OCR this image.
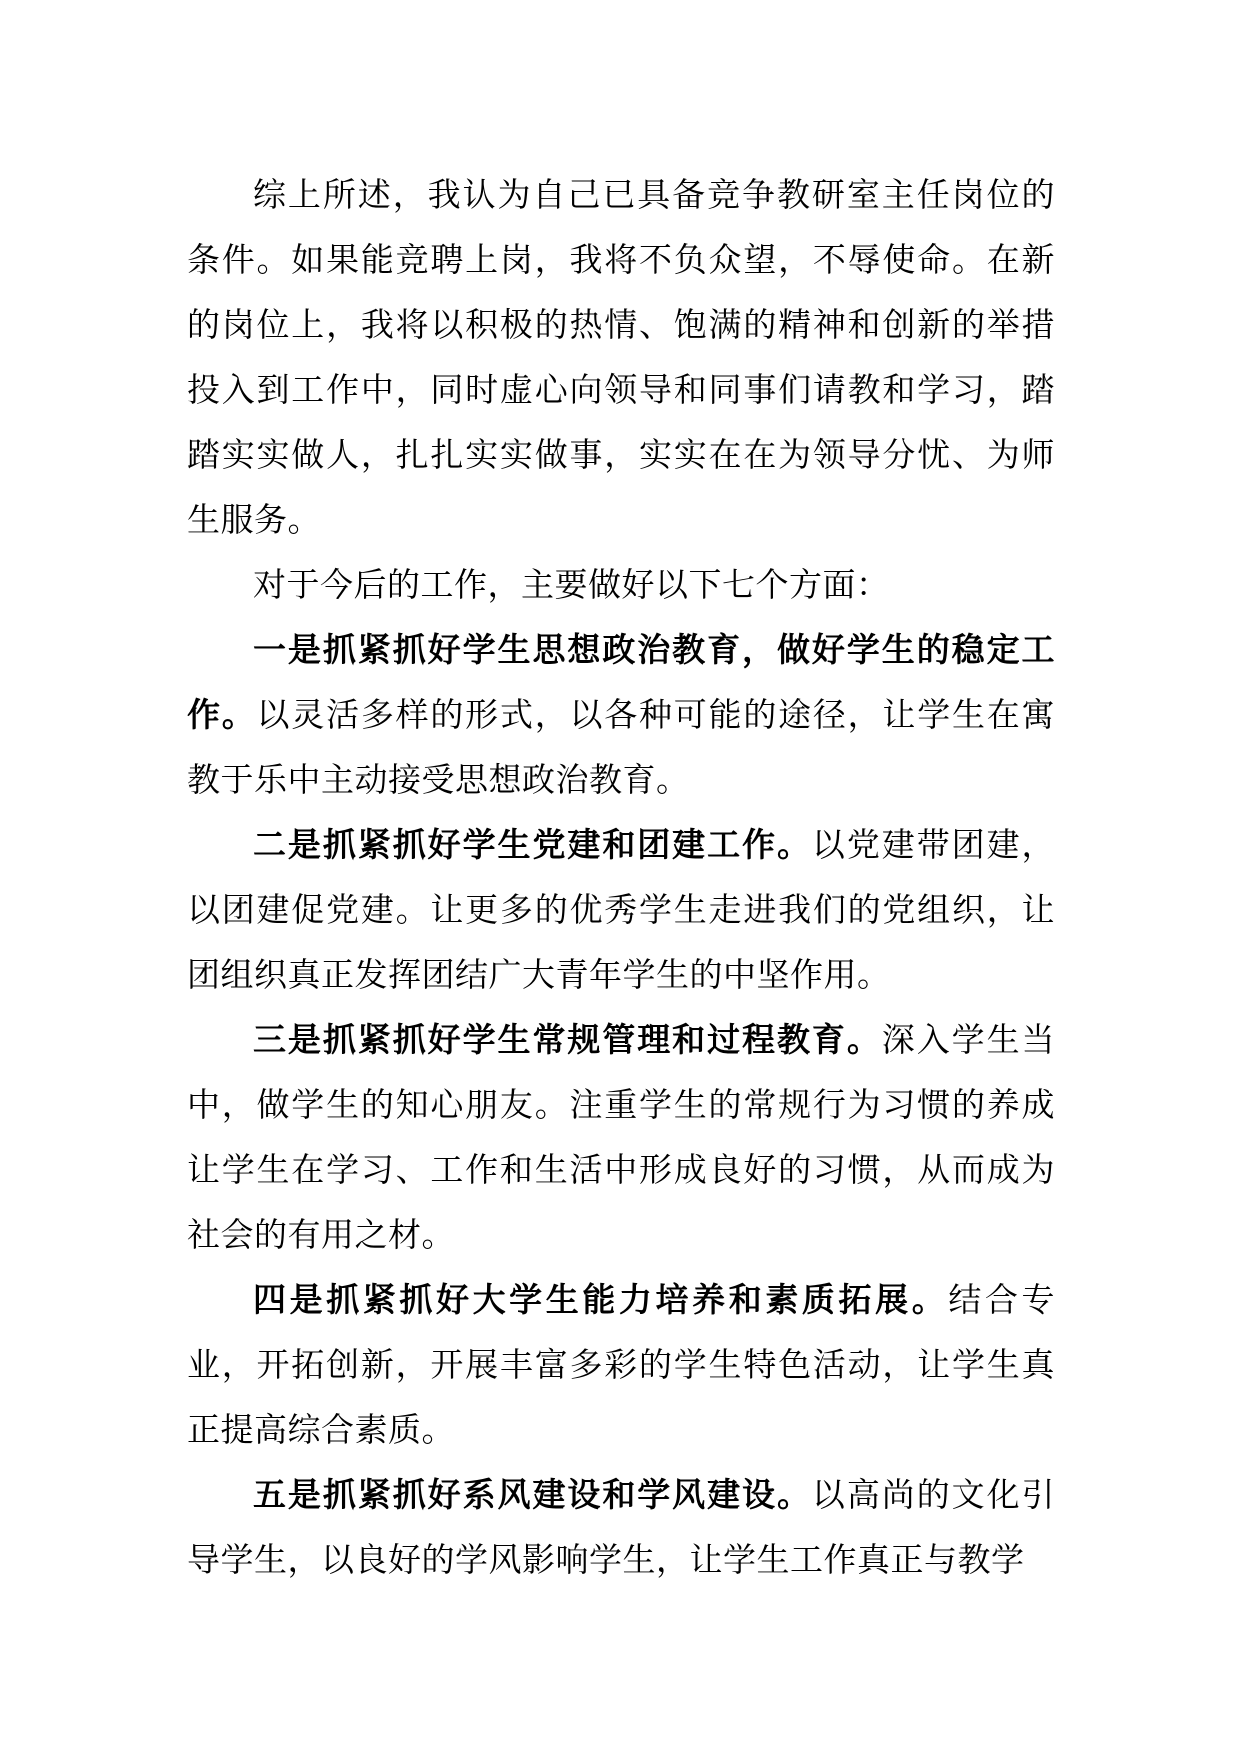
综上所述，我认为自己已具备竞争教研室主任岗位的条件。如果能竞聘上岗，我将不负众望，不辱使命。在新的岗位上，我将以积极的热情、饱满的精神和创新的举措投入到工作中，同时虚心向领导和同事们请教和学习，踏踏实实做人，扎扎实实做事，实实在在为领导分忧、为师生服务。

对于今后的工作，主要做好以下七个方面：

一是抓紧抓好学生思想政治教育，做好学生的稳定工作。以灵活多样的形式，以各种可能的途径，让学生在寓教于乐中主动接受思想政治教育。

二是抓紧抓好学生党建和团建工作。以党建带团建，以团建促党建。让更多的优秀学生走进我们的党组织，让团组织真正发挥团结广大青年学生的中坚作用。

三是抓紧抓好学生常规管理和过程教育。深入学生当中，做学生的知心朋友。注重学生的常规行为习惯的养成让学生在学习、工作和生活中形成良好的习惯，从而成为社会的有用之材。

四是抓紧抓好大学生能力培养和素质拓展。结合专业，开拓创新，开展丰富多彩的学生特色活动，让学生真正提高综合素质。

五是抓紧抓好系风建设和学风建设。以高尚的文化引导学生，以良好的学风影响学生，让学生工作真正与教学
